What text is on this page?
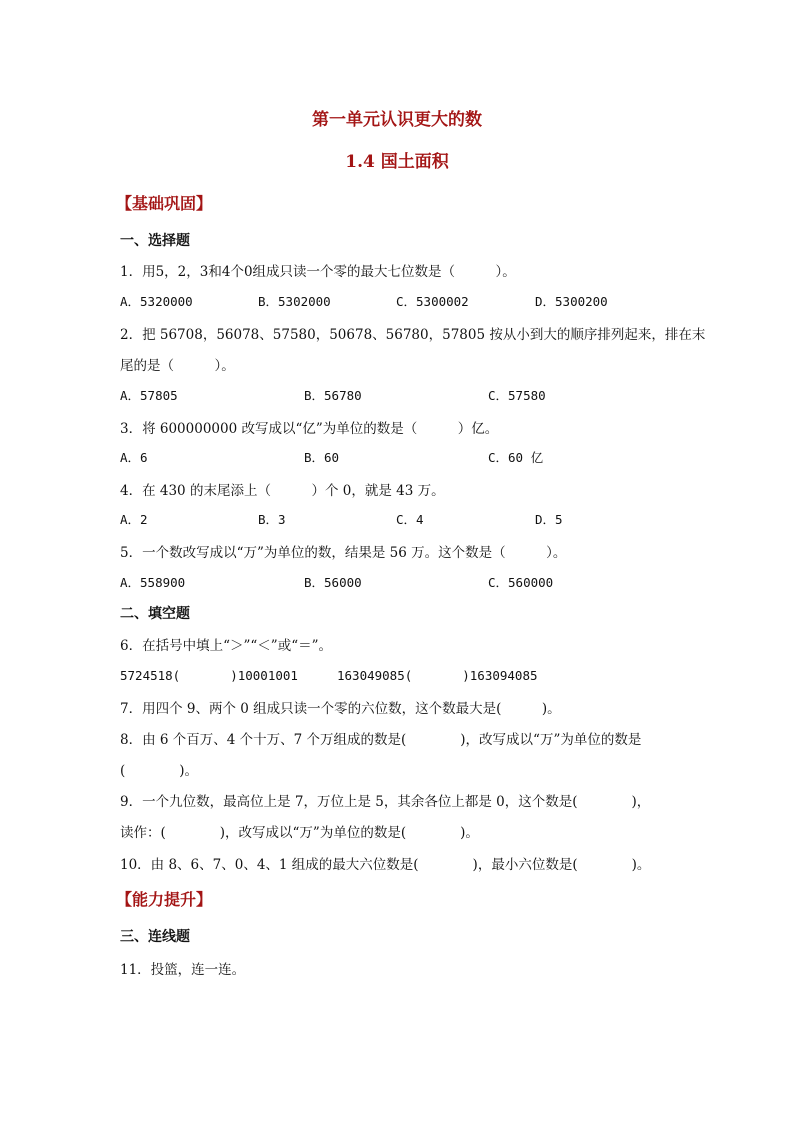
第一单元认识更大的数
1.4 国土面积
【基础巩固】
一、选择题
1．用5，2，3和4个0组成只读一个零的最大七位数是（　　　）。
A．5320000	B．5302000	C．5300002	D．5300200
2．把 56708，56078、57580，50678、56780，57805 按从小到大的顺序排列起来，排在末
尾的是（　　　）。
A．57805	B．56780	C．57580
3．将 600000000 改写成以“亿”为单位的数是（　　　）亿。
A．6	B．60	C．60 亿
4．在 430 的末尾添上（　　　）个 0，就是 43 万。
A．2	B．3	C．4	D．5
5．一个数改写成以“万”为单位的数，结果是 56 万。这个数是（　　　）。
A．558900	B．56000	C．560000
二、填空题
6．在括号中填上“＞”“＜”或“＝”。
5724518(　　　　)10001001	163049085(　　　　)163094085
7．用四个 9、两个 0 组成只读一个零的六位数，这个数最大是(　　　)。
8．由 6 个百万、4 个十万、7 个万组成的数是(　　　　)，改写成以“万”为单位的数是
(　　　　)。
9．一个九位数，最高位上是 7，万位上是 5，其余各位上都是 0，这个数是(　　　　)，
读作：(　　　　)，改写成以“万”为单位的数是(　　　　)。
10．由 8、6、7、0、4、1 组成的最大六位数是(　　　　)，最小六位数是(　　　　)。
【能力提升】
三、连线题
11．投篮，连一连。
